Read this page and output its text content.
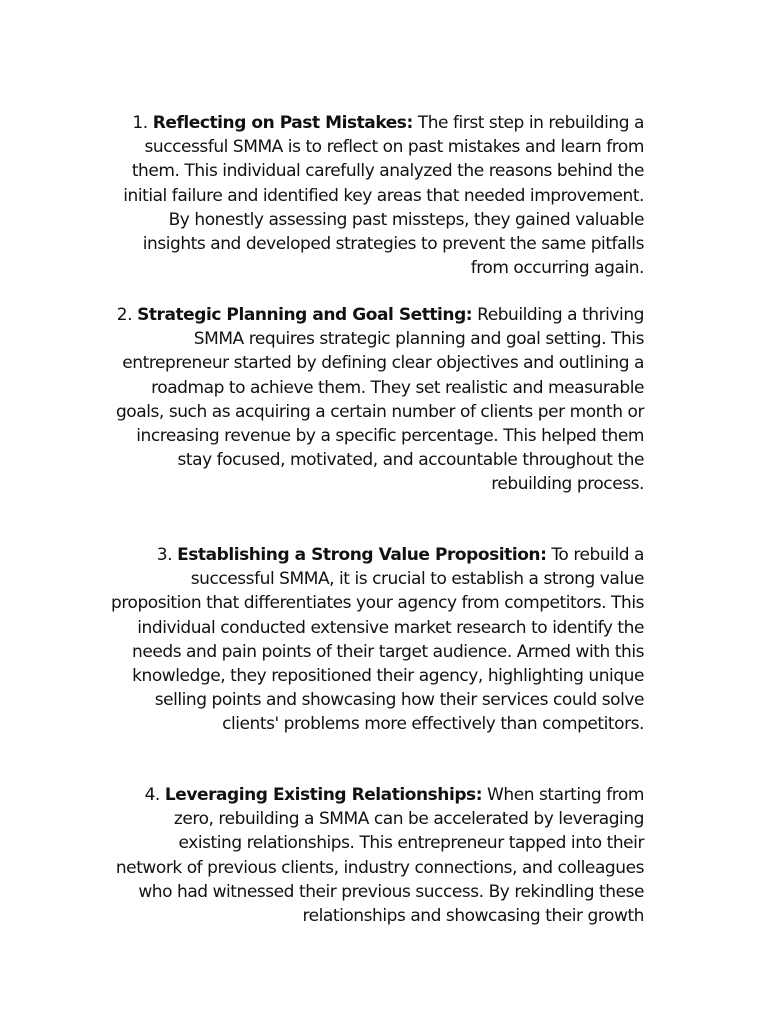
1. Reflecting on Past Mistakes: The first step in rebuilding a successful SMMA is to reflect on past mistakes and learn from them. This individual carefully analyzed the reasons behind the initial failure and identified key areas that needed improvement. By honestly assessing past missteps, they gained valuable insights and developed strategies to prevent the same pitfalls from occurring again.

2. Strategic Planning and Goal Setting: Rebuilding a thriving SMMA requires strategic planning and goal setting. This entrepreneur started by defining clear objectives and outlining a roadmap to achieve them. They set realistic and measurable goals, such as acquiring a certain number of clients per month or increasing revenue by a specific percentage. This helped them stay focused, motivated, and accountable throughout the rebuilding process.

3. Establishing a Strong Value Proposition: To rebuild a successful SMMA, it is crucial to establish a strong value proposition that differentiates your agency from competitors. This individual conducted extensive market research to identify the needs and pain points of their target audience. Armed with this knowledge, they repositioned their agency, highlighting unique selling points and showcasing how their services could solve clients' problems more effectively than competitors.

4. Leveraging Existing Relationships: When starting from zero, rebuilding a SMMA can be accelerated by leveraging existing relationships. This entrepreneur tapped into their network of previous clients, industry connections, and colleagues who had witnessed their previous success. By rekindling these relationships and showcasing their growth
